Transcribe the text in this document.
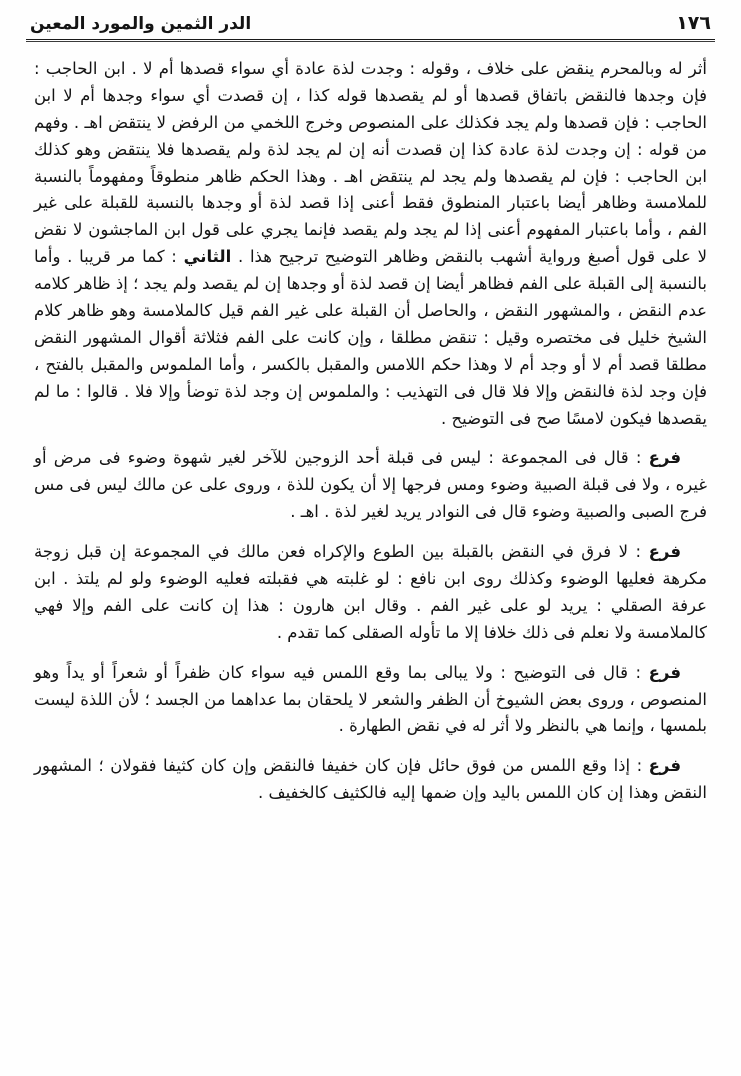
١٧٦
الدر الثمين والمورد المعين

أثر له وبالمحرم ينقض على خلاف ، وقوله : وجدت لذة عادة أي سواء قصدها أم لا . ابن الحاجب : فإن وجدها فالنقض باتفاق قصدها أو لم يقصدها قوله كذا ، إن قصدت أي سواء وجدها أم لا ابن الحاجب : فإن قصدها ولم يجد فكذلك على المنصوص وخرج اللخمي من الرفض لا ينتقض اهـ . وفهم من قوله : إن وجدت لذة عادة كذا إن قصدت أنه إن لم يجد لذة ولم يقصدها فلا ينتقض وهو كذلك ابن الحاجب : فإن لم يقصدها ولم يجد لم ينتقض اهـ . وهذا الحكم ظاهر منطوقاً ومفهوماً بالنسبة للملامسة وظاهر أيضا باعتبار المنطوق فقط أعنى إذا قصد لذة أو وجدها بالنسبة للقبلة على غير الفم ، وأما باعتبار المفهوم أعنى إذا لم يجد ولم يقصد فإنما يجري على قول ابن الماجشون لا نقض لا على قول أصبغ ورواية أشهب بالنقض وظاهر التوضيح ترجيح هذا . الثاني : كما مر قريبا . وأما بالنسبة إلى القبلة على الفم فظاهر أيضا إن قصد لذة أو وجدها إن لم يقصد ولم يجد ؛ إذ ظاهر كلامه عدم النقض ، والمشهور النقض ، والحاصل أن القبلة على غير الفم قيل كالملامسة وهو ظاهر كلام الشيخ خليل فى مختصره وقيل : تنقض مطلقا ، وإن كانت على الفم فثلاثة أقوال المشهور النقض مطلقا قصد أم لا أو وجد أم لا وهذا حكم اللامس والمقبل بالكسر ، وأما الملموس والمقبل بالفتح ، فإن وجد لذة فالنقض وإلا فلا قال فى التهذيب : والملموس إن وجد لذة توضأ وإلا فلا . قالوا : ما لم يقصدها فيكون لامسًا صح فى التوضيح .

فرع : قال فى المجموعة : ليس فى قبلة أحد الزوجين للآخر لغير شهوة وضوء فى مرض أو غيره ، ولا فى قبلة الصبية وضوء ومس فرجها إلا أن يكون للذة ، وروى على عن مالك ليس فى مس فرج الصبى والصبية وضوء قال فى النوادر يريد لغير لذة . اهـ .

فرع : لا فرق في النقض بالقبلة بين الطوع والإكراه فعن مالك في المجموعة إن قبل زوجة مكرهة فعليها الوضوء وكذلك روى ابن نافع : لو غلبته هي فقبلته فعليه الوضوء ولو لم يلتذ . ابن عرفة الصقلي : يريد لو على غير الفم . وقال ابن هارون : هذا إن كانت على الفم وإلا فهي كالملامسة ولا نعلم فى ذلك خلافا إلا ما تأوله الصقلى كما تقدم .

فرع : قال فى التوضيح : ولا يبالى بما وقع اللمس فيه سواء كان ظفراً أو شعراً أو يداً وهو المنصوص ، وروى بعض الشيوخ أن الظفر والشعر لا يلحقان بما عداهما من الجسد ؛ لأن اللذة ليست بلمسها ، وإنما هي بالنظر ولا أثر له في نقض الطهارة .

فرع : إذا وقع اللمس من فوق حائل فإن كان خفيفا فالنقض وإن كان كثيفا فقولان ؛ المشهور النقض وهذا إن كان اللمس باليد وإن ضمها إليه فالكثيف كالخفيف .
